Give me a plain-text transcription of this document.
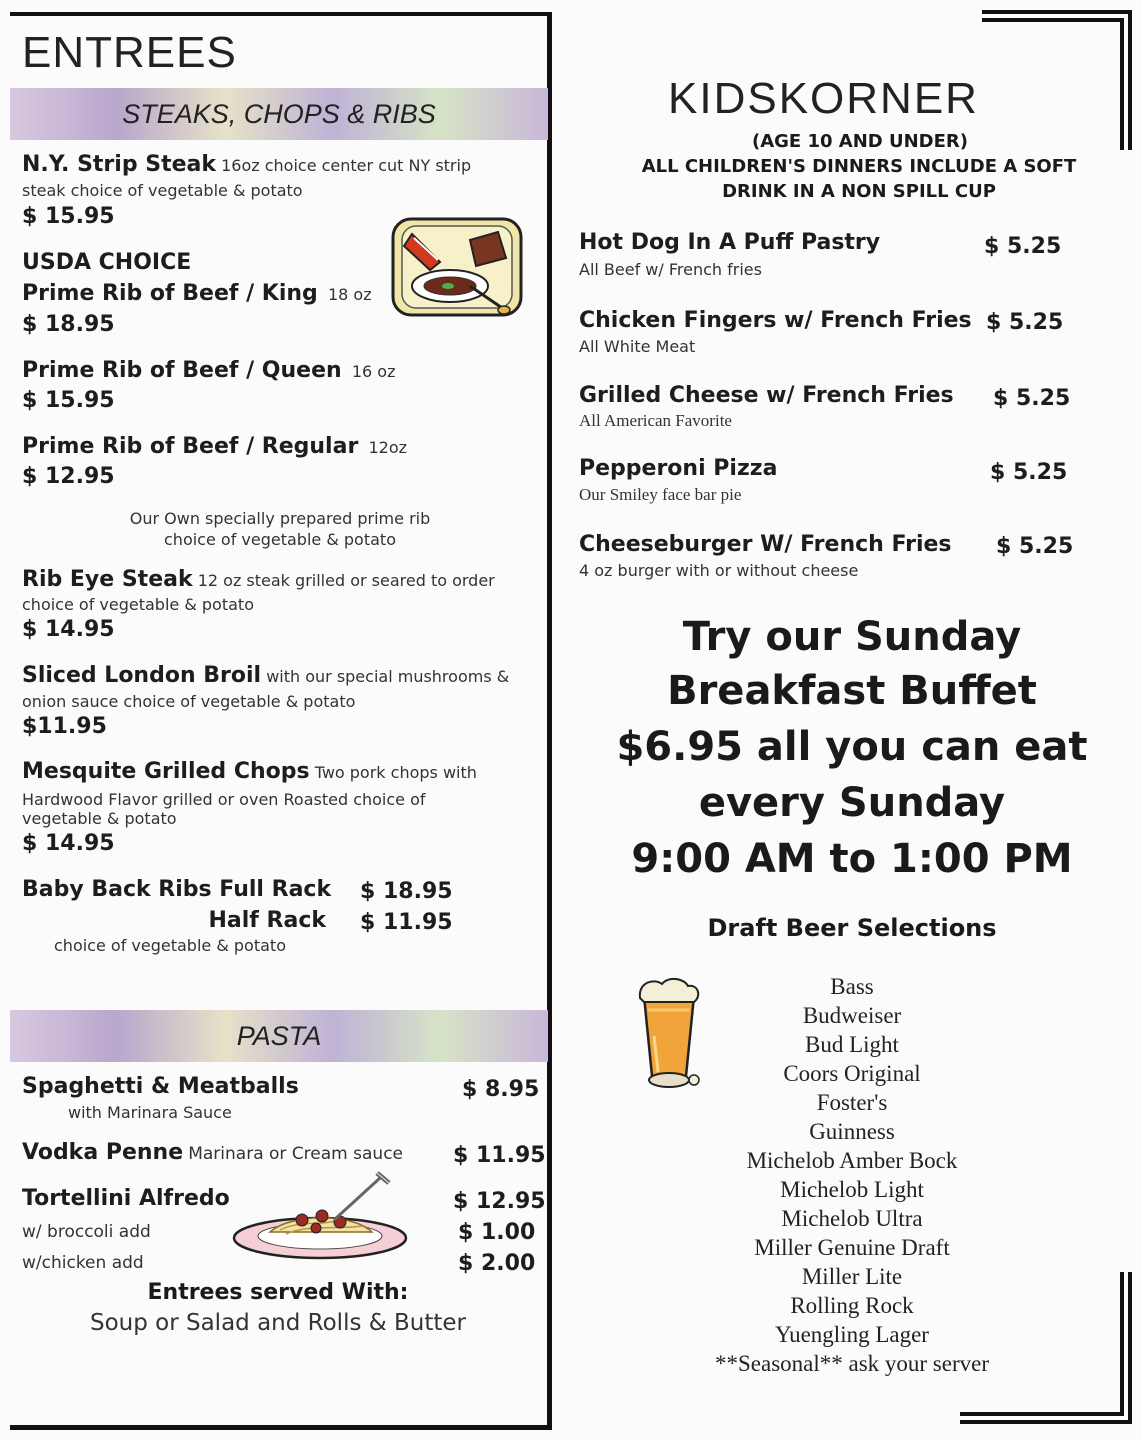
ENTREES
STEAKS, CHOPS & RIBS
N.Y. Strip Steak 16oz choice center cut NY strip
steak choice of vegetable & potato
$ 15.95
USDA CHOICE
Prime Rib of Beef / King 18 oz
$ 18.95
Prime Rib of Beef / Queen 16 oz
$ 15.95
Prime Rib of Beef / Regular 12oz
$ 12.95
Our Own specially prepared prime rib
choice of vegetable & potato
Rib Eye Steak 12 oz steak grilled or seared to order
choice of vegetable & potato
$ 14.95
Sliced London Broil with our special mushrooms &
onion sauce choice of vegetable & potato
$11.95
Mesquite Grilled Chops Two pork chops with
Hardwood Flavor grilled or oven Roasted choice of
vegetable & potato
$ 14.95
Baby Back Ribs Full Rack $ 18.95
Half Rack $ 11.95
choice of vegetable & potato
PASTA
Spaghetti & Meatballs
with Marinara Sauce
$ 8.95
Vodka Penne Marinara or Cream sauce $ 11.95
Tortellini Alfredo	$ 12.95
w/ broccoli add	$ 1.00
w/chicken add	$ 2.00
Entrees served With:
Soup or Salad and Rolls & Butter
KIDSKORNER
(AGE 10 AND UNDER)
ALL CHILDREN'S DINNERS INCLUDE A SOFT
DRINK IN A NON SPILL CUP
Hot Dog In A Puff Pastry
All Beef w/ French fries
$ 5.25
Chicken Fingers w/ French Fries
All White Meat
$ 5.25
Grilled Cheese w/ French Fries
All American Favorite
$ 5.25
Pepperoni Pizza
Our Smiley face bar pie
$ 5.25
Cheeseburger W/ French Fries
4 oz burger with or without cheese
$ 5.25
Try our Sunday
Breakfast Buffet
$6.95 all you can eat
every Sunday
9:00 AM to 1:00 PM
Draft Beer Selections
Bass
Budweiser
Bud Light
Coors Original
Foster's
Guinness
Michelob Amber Bock
Michelob Light
Michelob Ultra
Miller Genuine Draft
Miller Lite
Rolling Rock
Yuengling Lager
**Seasonal** ask your server
